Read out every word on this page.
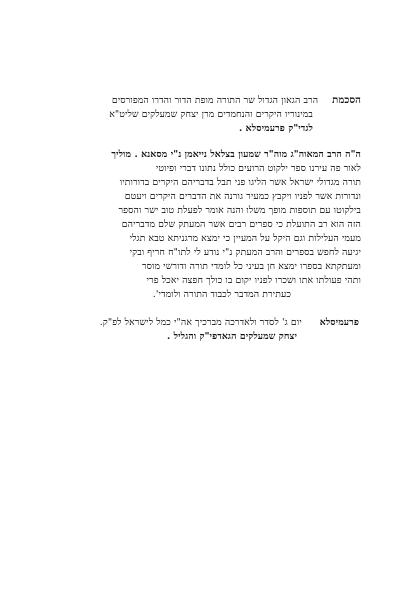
הסכמתהרב הגאון הגדול שר התורה מופת הדור והדרו המפורסים
במינוריו היקרים והנחמדים מרן יצחק שמעלקים שליט"א
לגדי"ק פרעמיסלא .
ה"ה הרב המאוה"ג מוה"ר שמעון בצלאל נייאמן נ"י מסאנא . מוליך
לאור פה עירנו ספר ילקוט הרועים כולל נתונו דברי ופיוטי
תורה מגדולי ישראל אשר הליגו פני תבל בדבריהם היקרים בדורותיו
ונדורות אשר לפניו ויקבץ כמעיר גורנה את הדברים היקרים ויעטם
בילקוטו עם תוספות מופך משלו והנה אומר לפעלת טוב ישר והספר
הזה הוא רב התועלת כי ספרים רבים אשר המעתק שלם מדבריהם
מעמי העלילות וגם היקל על המעיין כי ימצא מרגניתא טבא תגלי
יגיעה לחפש בספרים והרב המעתק נ"י נודע לי לתו"ח חריף ובקי
ומעתקתא בספרו ימצא חן בעיני כל לומדי תורה ודורשי מוסר
ותהי פעולתו אתו ושכרו לפניו יקום בו כולך חפצה יאכל פרי
כעתירת המדבר לכבוד התורה ולומדי'.
פרעמיסלאיום ג' לסדר ולאדרכה מברכיך אה"י כמל לישראל לפ"ק.
יצחק שמעלקים הגאדפי"ק והגליל .
